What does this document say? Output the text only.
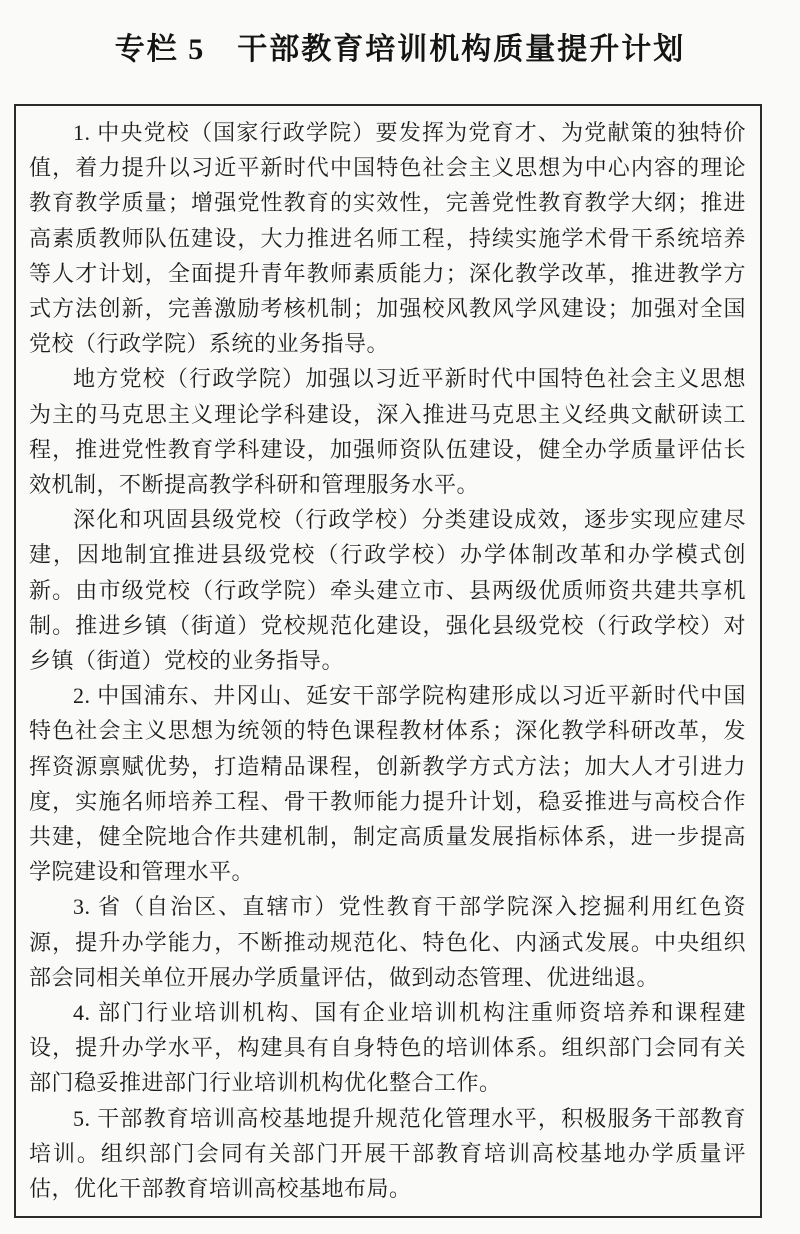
专栏 5　干部教育培训机构质量提升计划

1. 中央党校（国家行政学院）要发挥为党育才、为党献策的独特价值，着力提升以习近平新时代中国特色社会主义思想为中心内容的理论教育教学质量；增强党性教育的实效性，完善党性教育教学大纲；推进高素质教师队伍建设，大力推进名师工程，持续实施学术骨干系统培养等人才计划，全面提升青年教师素质能力；深化教学改革，推进教学方式方法创新，完善激励考核机制；加强校风教风学风建设；加强对全国党校（行政学院）系统的业务指导。

地方党校（行政学院）加强以习近平新时代中国特色社会主义思想为主的马克思主义理论学科建设，深入推进马克思主义经典文献研读工程，推进党性教育学科建设，加强师资队伍建设，健全办学质量评估长效机制，不断提高教学科研和管理服务水平。

深化和巩固县级党校（行政学校）分类建设成效，逐步实现应建尽建，因地制宜推进县级党校（行政学校）办学体制改革和办学模式创新。由市级党校（行政学院）牵头建立市、县两级优质师资共建共享机制。推进乡镇（街道）党校规范化建设，强化县级党校（行政学校）对乡镇（街道）党校的业务指导。

2. 中国浦东、井冈山、延安干部学院构建形成以习近平新时代中国特色社会主义思想为统领的特色课程教材体系；深化教学科研改革，发挥资源禀赋优势，打造精品课程，创新教学方式方法；加大人才引进力度，实施名师培养工程、骨干教师能力提升计划，稳妥推进与高校合作共建，健全院地合作共建机制，制定高质量发展指标体系，进一步提高学院建设和管理水平。

3. 省（自治区、直辖市）党性教育干部学院深入挖掘利用红色资源，提升办学能力，不断推动规范化、特色化、内涵式发展。中央组织部会同相关单位开展办学质量评估，做到动态管理、优进绌退。

4. 部门行业培训机构、国有企业培训机构注重师资培养和课程建设，提升办学水平，构建具有自身特色的培训体系。组织部门会同有关部门稳妥推进部门行业培训机构优化整合工作。

5. 干部教育培训高校基地提升规范化管理水平，积极服务干部教育培训。组织部门会同有关部门开展干部教育培训高校基地办学质量评估，优化干部教育培训高校基地布局。
